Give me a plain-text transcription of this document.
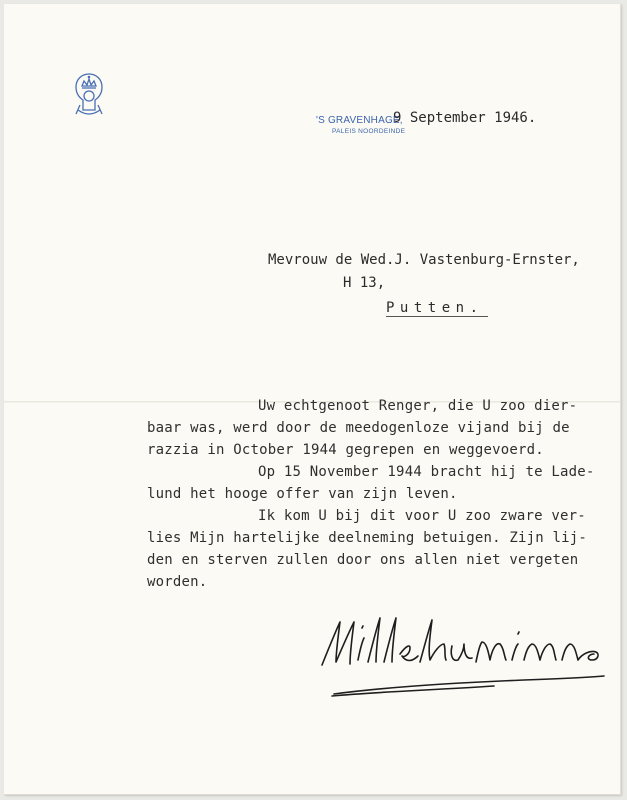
'S GRAVENHAGE,
PALEIS NOORDEINDE
9 September 1946.
Mevrouw de Wed.J. Vastenburg-Ernster,
H 13,
Putten.
Uw echtgenoot Renger, die U zoo dier-
baar was, werd door de meedogenloze vijand bij de
razzia in October 1944 gegrepen en weggevoerd.
Op 15 November 1944 bracht hij te Lade-
lund het hooge offer van zijn leven.
Ik kom U bij dit voor U zoo zware ver-
lies Mijn hartelijke deelneming betuigen. Zijn lij-
den en sterven zullen door ons allen niet vergeten
worden.
